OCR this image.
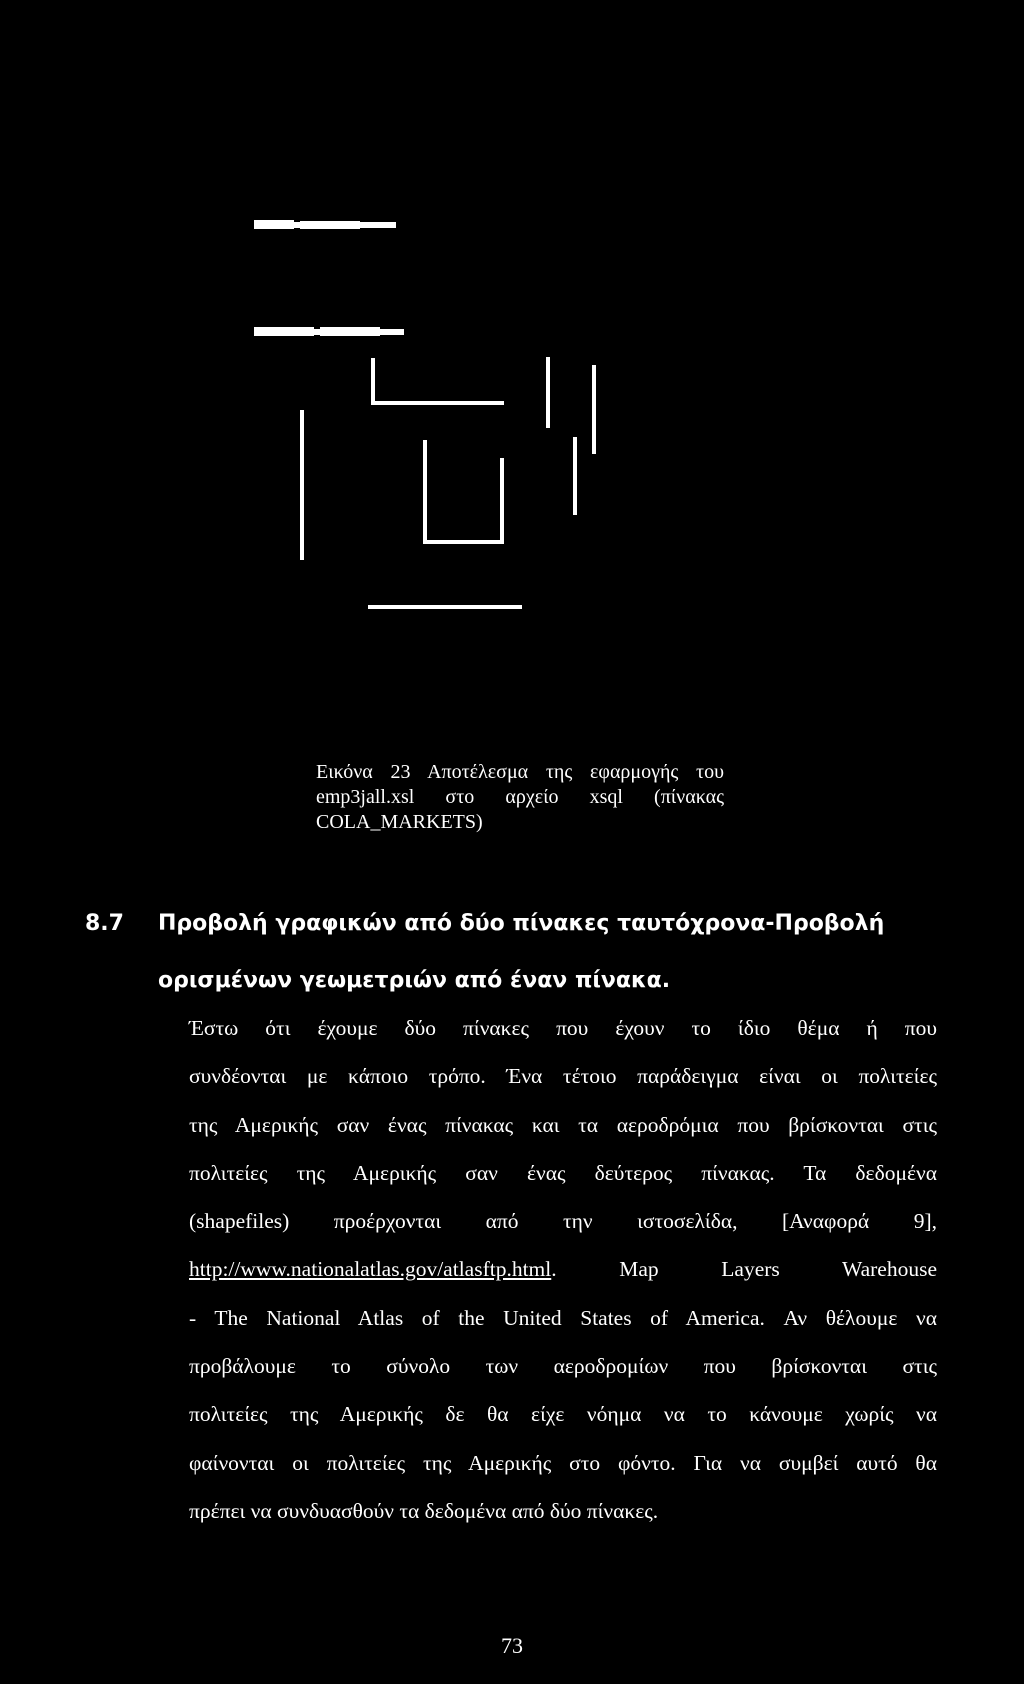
Εικόνα 23 Αποτέλεσμα της εφαρμογής του
emp3jall.xsl στο αρχείο xsql (πίνακας
COLA_MARKETS)
8.7 Προβολή γραφικών από δύο πίνακες ταυτόχρονα-Προβολή
ορισμένων γεωμετριών από έναν πίνακα.
Έστω ότι έχουμε δύο πίνακες που έχουν το ίδιο θέμα ή που
συνδέονται με κάποιο τρόπο. Ένα τέτοιο παράδειγμα είναι οι πολιτείες
της Αμερικής σαν ένας πίνακας και τα αεροδρόμια που βρίσκονται στις
πολιτείες της Αμερικής σαν ένας δεύτερος πίνακας. Τα δεδομένα
(shapefiles) προέρχονται από την ιστοσελίδα, [Αναφορά 9],
http://www.nationalatlas.gov/atlasftp.html. Map Layers Warehouse
- The National Atlas of the United States of America. Αν θέλουμε να
προβάλουμε το σύνολο των αεροδρομίων που βρίσκονται στις
πολιτείες της Αμερικής δε θα είχε νόημα να το κάνουμε χωρίς να
φαίνονται οι πολιτείες της Αμερικής στο φόντο. Για να συμβεί αυτό θα
πρέπει να συνδυασθούν τα δεδομένα από δύο πίνακες.
73
